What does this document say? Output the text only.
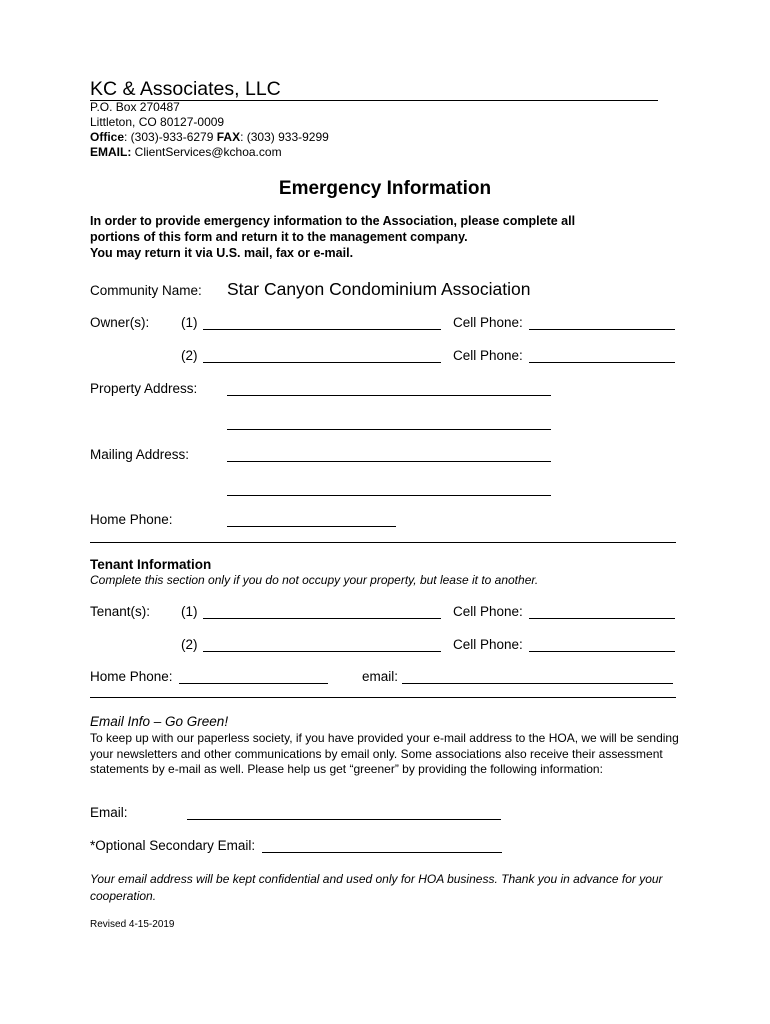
KC & Associates, LLC
P.O. Box 270487
Littleton, CO 80127-0009
Office: (303)-933-6279 FAX: (303) 933-9299
EMAIL: ClientServices@kchoa.com
Emergency Information
In order to provide emergency information to the Association, please complete all
portions of this form and return it to the management company.
You may return it via U.S. mail, fax or e-mail.
Community Name: Star Canyon Condominium Association
Owner(s): (1)	Cell Phone:
(2)	Cell Phone:
Property Address:
Mailing Address:
Home Phone:
Tenant Information
Complete this section only if you do not occupy your property, but lease it to another.
Tenant(s): (1)	Cell Phone:
(2)	Cell Phone:
Home Phone:	email:
Email Info – Go Green!
To keep up with our paperless society, if you have provided your e-mail address to the HOA, we will be sending your newsletters and other communications by email only. Some associations also receive their assessment statements by e-mail as well. Please help us get “greener” by providing the following information:
Email:
*Optional Secondary Email:
Your email address will be kept confidential and used only for HOA business. Thank you in advance for your cooperation.
Revised 4-15-2019
